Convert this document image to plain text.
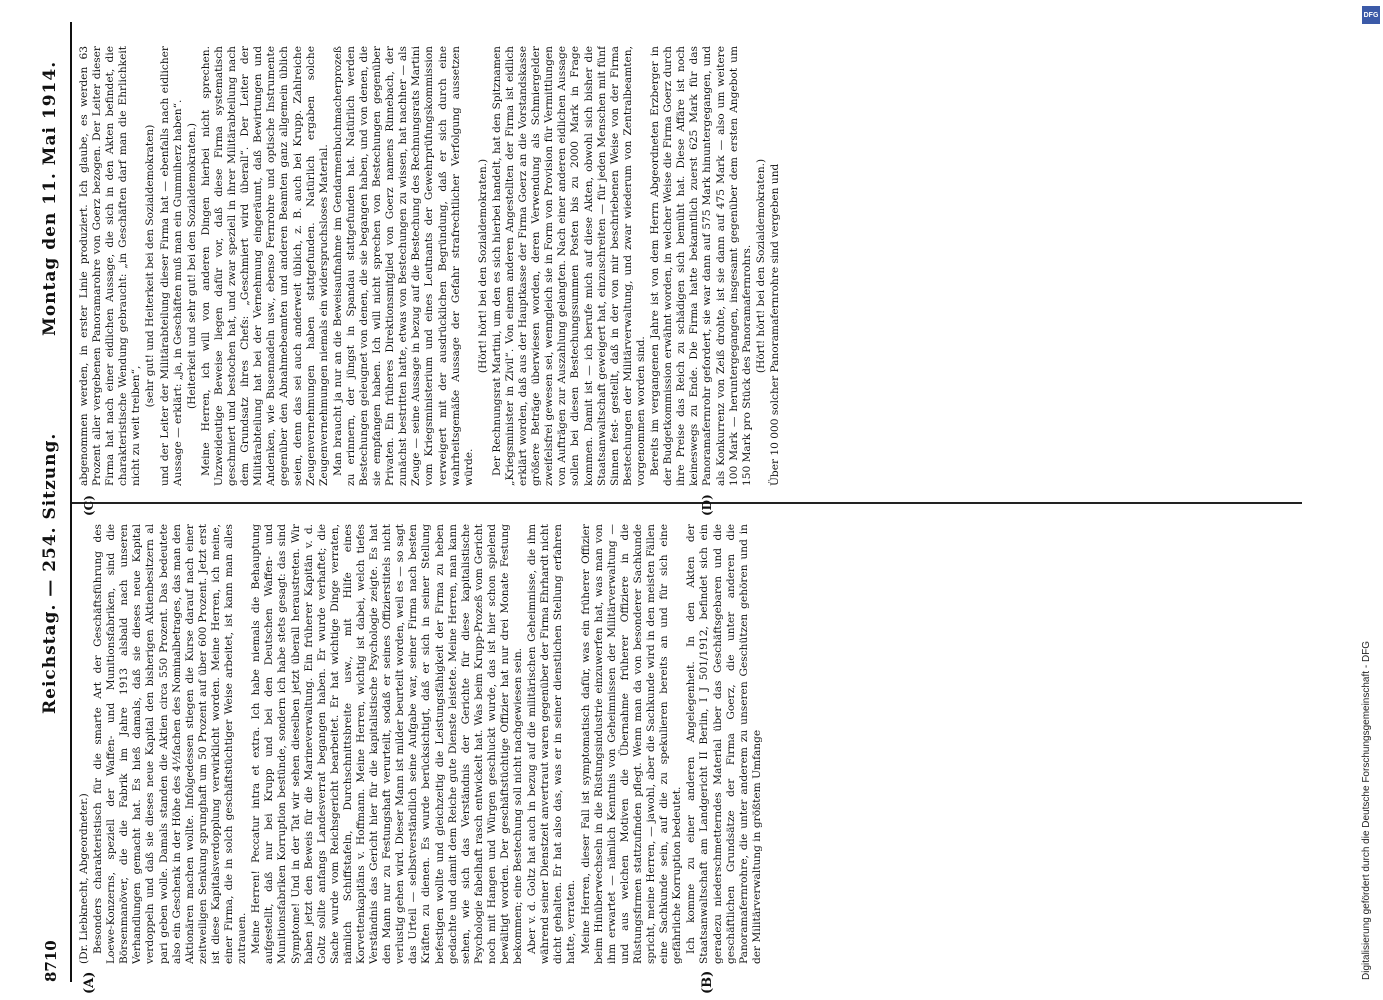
8710
Reichstag. — 254. Sitzung.
Montag den 11. Mai 1914.
(A)	(B)
(C)	(D)

(Dr. Liebknecht, Abgeordneter.) Besonders charakteristisch für die smarte Art der Geschäftsführung des Loewe-Konzerns, speziell der Waffen- und Munitionsfabriken, sind die Börsenmanöver, die die Fabrik im Jahre 1913 alsbald nach unseren Verhandlungen gemacht hat. Es hieß damals, daß sie dieses neue Kapital verdoppeln und daß sie dieses neue Kapital den bisherigen Aktienbesitzern al pari geben wolle. Damals standen die Aktien circa 550 Prozent. Das bedeutete also ein Geschenk in der Höhe des 4½fachen des Nominalbetrages, das man den Aktionären machen wollte. Infolgedessen stiegen die Kurse darauf nach einer zeitweiligen Senkung sprunghaft um 50 Prozent auf über 600 Prozent. Jetzt erst ist diese Kapitalsverdopplung verwirklicht worden. Meine Herren, ich meine, einer Firma, die in solch geschäftstüchtiger Weise arbeitet, ist kann man alles zutrauen. Meine Herren! Peccatur intra et extra. Ich habe niemals die Behauptung aufgestellt, daß nur bei Krupp und bei den Deutschen Waffen- und Munitionsfabriken Korruption bestünde, sondern ich habe stets gesagt: das sind Symptome! Und in der Tat wir sehen dieselben jetzt überall heraustreten. Wir haben jetzt den Beweis für die Marineverwaltung. Ein früherer Kapitän v. d. Goltz sollte anfangs Landesverrat begangen haben. Er wurde verhaftet; die Sache wurde vom Reichsgericht bearbeitet. Er hat wichtige Dinge verraten, nämlich Schiffstafeln, Durchschnittsbreite usw., mit Hilfe eines Korvettenkapitäns v. Hoffmann. Meine Herren, wichtig ist dabei, welch tiefes Verständnis das Gericht hier für die kapitalistische Psychologie zeigte. Es hat den Mann nur zu Festungshaft verurteilt, sodaß er seines Offizierstitels nicht verlustig gehen wird. Dieser Mann ist milder beurteilt worden, weil es — so sagt das Urteil — selbstverständlich seine Aufgabe war, seiner Firma nach besten Kräften zu dienen. Es wurde berücksichtigt, daß er sich in seiner Stellung befestigen wollte und gleichzeitig die Leistungsfähigkeit der Firma zu heben gedachte und damit dem Reiche gute Dienste leistete. Meine Herren, man kann sehen, wie sich das Verständnis der Gerichte für diese kapitalistische Psychologie fabelhaft rasch entwickelt hat. Was beim Krupp-Prozeß vom Gericht noch mit Hangen und Würgen geschluckt wurde, das ist hier schon spielend bewältigt worden. Der geschäftstüchtige Offizier hat nur drei Monate Festung bekommen; eine Bestechung soll nicht nachgewiesen sein. Aber v. d. Goltz hat auch in bezug auf die militärischen Geheimnisse, die ihm während seiner Dienstzeit anvertraut waren gegenüber der Firma Ehrhardt nicht dicht gehalten. Er hat also das, was er in seiner dienstlichen Stellung erfahren hatte, verraten. Meine Herren, dieser Fall ist symptomatisch dafür, was ein früherer Offizier beim Hinüberwechseln in die Rüstungsindustrie einzuwerfen hat, was man von ihm erwartet — nämlich Kenntnis von Geheimnissen der Militärverwaltung — und aus welchen Motiven die Übernahme früherer Offiziere in die Rüstungsfirmen stattzufinden pflegt. Wenn man da von besonderer Sachkunde spricht, meine Herren, — jawohl, aber die Sachkunde wird in den meisten Fällen eine Sachkunde sein, auf die zu spekulieren bereits an und für sich eine gefährliche Korruption bedeutet. Ich komme zu einer anderen Angelegenheit. In den Akten der Staatsanwaltschaft am Landgericht II Berlin, I J 501/1912, befindet sich ein geradezu niederschmetterndes Material über das Geschäftsgebaren und die geschäftlichen Grundsätze der Firma Goerz, die unter anderen die Panoramafernrohre, die unter anderem zu unseren Geschützen gehören und in der Militärverwaltung in größtem Umfange

abgenommen werden, in erster Linie produziert. Ich glaube, es werden 63 Prozent aller vergebenen Panoramarohre von Goerz bezogen. Der Leiter dieser Firma hat nach einer eidlichen Aussage, die sich in den Akten befindet, die charakteristische Wendung gebraucht: „in Geschäften darf man die Ehrlichkeit nicht zu weit treiben“,

(sehr gut! und Heiterkeit bei den Sozialdemokraten) und der Leiter der Militärabteilung dieser Firma hat — ebenfalls nach eidlicher Aussage — erklärt: „ja, in Geschäften muß man ein Gummiherz haben“. (Heiterkeit und sehr gut! bei den Sozialdemokraten.) Meine Herren, ich will von anderen Dingen hierbei nicht sprechen. Unzweideutige Beweise liegen dafür vor, daß diese Firma systematisch geschmiert und bestochen hat, und zwar speziell in ihrer Militärabteilung nach dem Grundsatz ihres Chefs: „Geschmiert wird überall“. Der Leiter der Militärabteilung hat bei der Vernehmung eingeräumt, daß Bewirtungen und Andenken, wie Busennadeln usw., ebenso Fernrohre und optische Instrumente gegenüber den Abnahmebeamten und anderen Beamten ganz allgemein üblich seien, denn das sei auch anderweit üblich, z. B. auch bei Krupp. Zahlreiche Zeugenvernehmungen haben stattgefunden. Natürlich ergaben solche Zeugenvernehmungen niemals ein widerspruchsloses Material. Man braucht ja nur an die Beweisaufnahme im Gendarmenbuchmacherprozeß zu erinnern, der jüngst in Spandau stattgefunden hat. Natürlich werden Bestechungen geleugnet von denen, die sie begangen haben, und von denen, die sie empfangen haben. Ich will nicht sprechen von Bestechungen gegenüber Privaten. Ein früheres Direktionsmitglied von Goerz namens Rinnebach, der zunächst bestritten hatte, etwas von Bestechungen zu wissen, hat nachher — als Zeuge — seine Aussage in bezug auf die Bestechung des Rechnungsrats Martini vom Kriegsministerium und eines Leutnants der Gewehrprüfungskommission verweigert mit der ausdrücklichen Begründung, daß er sich durch eine wahrheitsgemäße Aussage der Gefahr strafrechtlicher Verfolgung aussetzen würde.

(Hört! hört! bei den Sozialdemokraten.) Der Rechnungsrat Martini, um den es sich hierbei handelt, hat den Spitznamen „Kriegsminister in Zivil“. Von einem anderen Angestellten der Firma ist eidlich erklärt worden, daß aus der Hauptkasse der Firma Goerz an die Vorstandskasse größere Beträge überwiesen worden, deren Verwendung als Schmiergelder zweifelsfrei gewesen sei, wenngleich sie in Form von Provision für Vermittlungen von Aufträgen zur Auszahlung gelangten. Nach einer anderen eidlichen Aussage sollen bei diesen Bestechungssummen Posten bis zu 2000 Mark in Frage kommen. Damit ist — ich berufe mich auf diese Akten, obwohl sich bisher die Staatsanwaltschaft geweigert hat, einzuschreiten — für jeden Menschen mit fünf Sinnen fest- gestellt, daß in der von mir beschriebenen Weise von der Firma Bestechungen der Militärverwaltung, und zwar wiederum von Zentralbeamten, vorgenommen worden sind. Bereits im vergangenen Jahre ist von dem Herrn Abgeordneten Erzberger in der Budgetkommission erwähnt worden, in welcher Weise die Firma Goerz durch ihre Preise das Reich zu schädigen sich bemüht hat. Diese Affäre ist noch keineswegs zu Ende. Die Firma hatte bekanntlich zuerst 625 Mark für das Panoramafernrohr gefordert, sie war dann auf 575 Mark hinuntergegangen, und als Konkurrenz von Zeiß drohte, ist sie dann auf 475 Mark — also um weitere 100 Mark — heruntergegangen, insgesamt gegenüber dem ersten Angebot um 150 Mark pro Stück des Panoramafernrohrs. (Hört! hört! bei den Sozialdemokraten.) Über 10 000 solcher Panoramafernrohre sind vergeben und

DFG
Digitalisierung gefördert durch die Deutsche Forschungsgemeinschaft - DFG
